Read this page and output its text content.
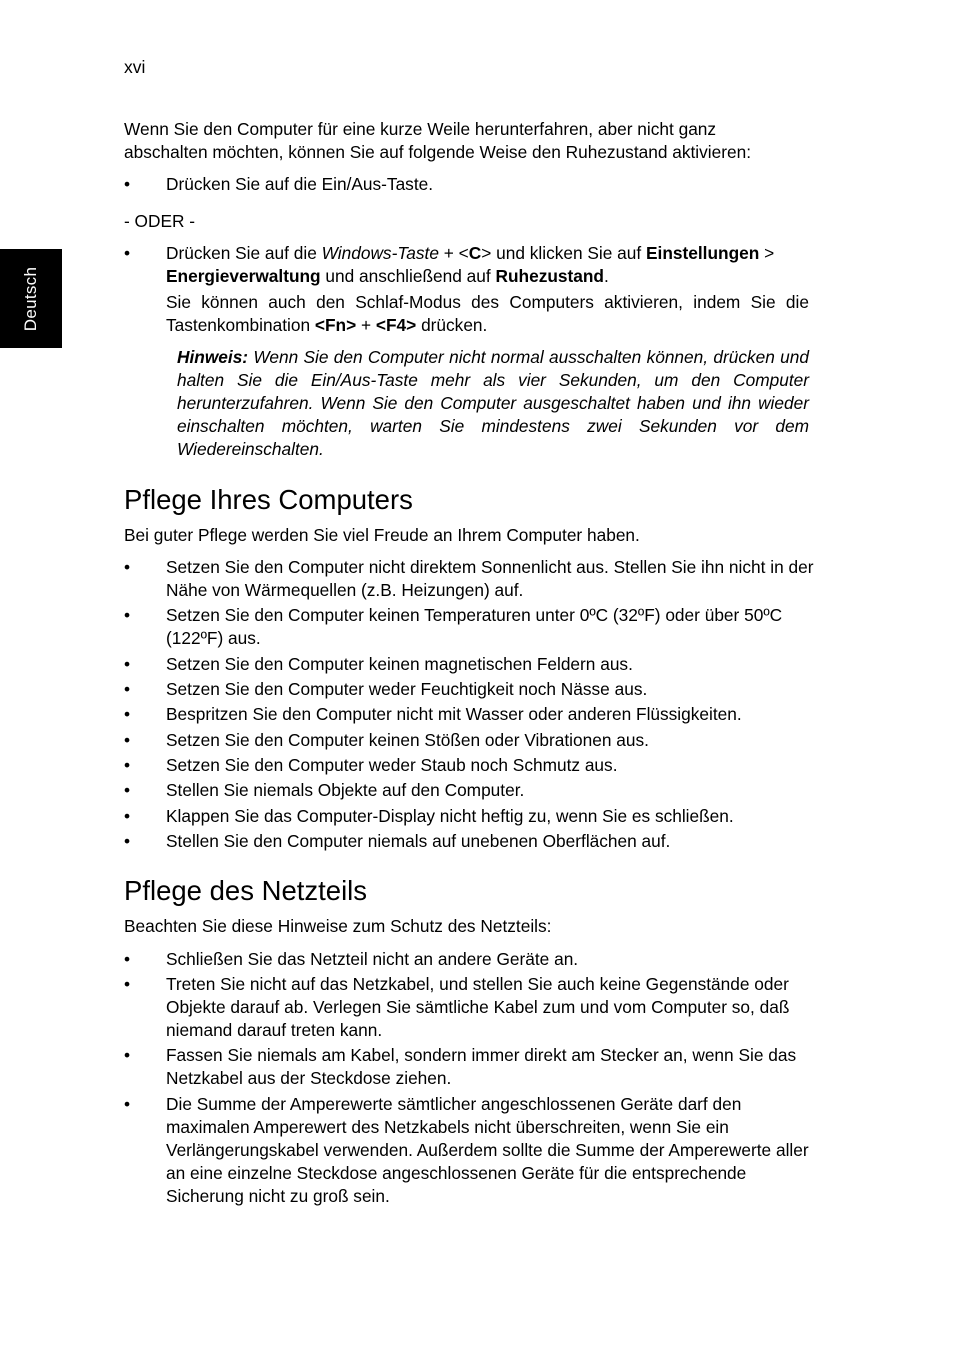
xvi
Deutsch
Wenn Sie den Computer für eine kurze Weile herunterfahren, aber nicht ganz abschalten möchten, können Sie auf folgende Weise den Ruhezustand aktivieren:
•	Drücken Sie auf die Ein/Aus-Taste.
- ODER -
•	Drücken Sie auf die Windows-Taste + <C> und klicken Sie auf Einstellungen > Energieverwaltung und anschließend auf Ruhezustand.
Sie können auch den Schlaf-Modus des Computers aktivieren, indem Sie die Tastenkombination <Fn> + <F4> drücken.
Hinweis: Wenn Sie den Computer nicht normal ausschalten können, drücken und halten Sie die Ein/Aus-Taste mehr als vier Sekunden, um den Computer herunterzufahren. Wenn Sie den Computer ausgeschaltet haben und ihn wieder einschalten möchten, warten Sie mindestens zwei Sekunden vor dem Wiedereinschalten.
Pflege Ihres Computers
Bei guter Pflege werden Sie viel Freude an Ihrem Computer haben.
•	Setzen Sie den Computer nicht direktem Sonnenlicht aus. Stellen Sie ihn nicht in der Nähe von Wärmequellen (z.B. Heizungen) auf.
•	Setzen Sie den Computer keinen Temperaturen unter 0ºC (32ºF) oder über 50ºC (122ºF) aus.
•	Setzen Sie den Computer keinen magnetischen Feldern aus.
•	Setzen Sie den Computer weder Feuchtigkeit noch Nässe aus.
•	Bespritzen Sie den Computer nicht mit Wasser oder anderen Flüssigkeiten.
•	Setzen Sie den Computer keinen Stößen oder Vibrationen aus.
•	Setzen Sie den Computer weder Staub noch Schmutz aus.
•	Stellen Sie niemals Objekte auf den Computer.
•	Klappen Sie das Computer-Display nicht heftig zu, wenn Sie es schließen.
•	Stellen Sie den Computer niemals auf unebenen Oberflächen auf.
Pflege des Netzteils
Beachten Sie diese Hinweise zum Schutz des Netzteils:
•	Schließen Sie das Netzteil nicht an andere Geräte an.
•	Treten Sie nicht auf das Netzkabel, und stellen Sie auch keine Gegenstände oder Objekte darauf ab. Verlegen Sie sämtliche Kabel zum und vom Computer so, daß niemand darauf treten kann.
•	Fassen Sie niemals am Kabel, sondern immer direkt am Stecker an, wenn Sie das Netzkabel aus der Steckdose ziehen.
•	Die Summe der Amperewerte sämtlicher angeschlossenen Geräte darf den maximalen Amperewert des Netzkabels nicht überschreiten, wenn Sie ein Verlängerungskabel verwenden. Außerdem sollte die Summe der Amperewerte aller an eine einzelne Steckdose angeschlossenen Geräte für die entsprechende Sicherung nicht zu groß sein.
